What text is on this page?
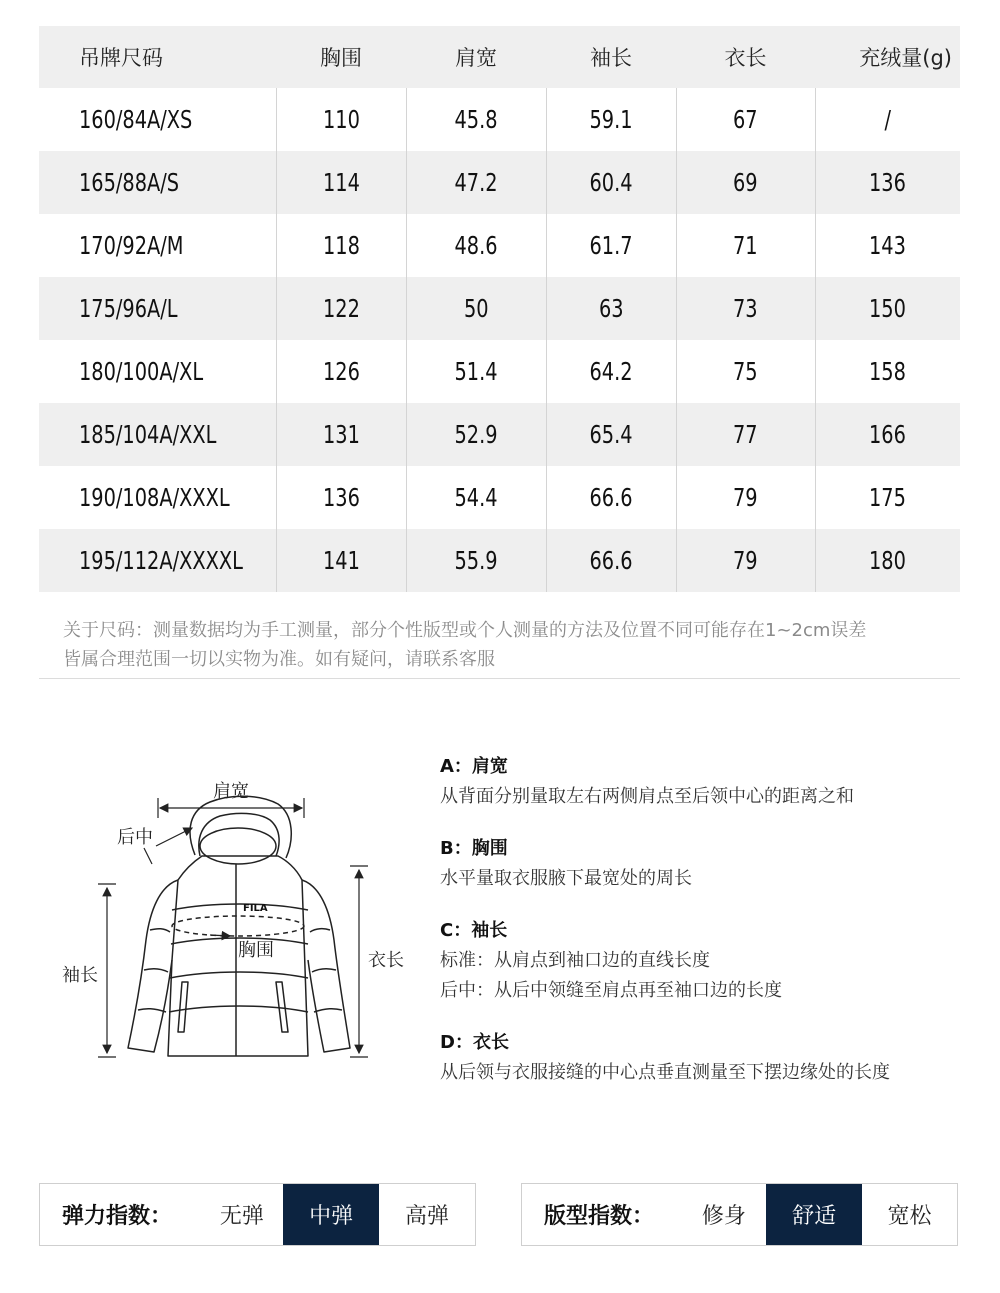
吊牌尺码	胸围	肩宽	袖长	衣长	充绒量(g)
160/84A/XS	110	45.8	59.1	67	/
165/88A/S	114	47.2	60.4	69	136
170/92A/M	118	48.6	61.7	71	143
175/96A/L	122	50	63	73	150
180/100A/XL	126	51.4	64.2	75	158
185/104A/XXL	131	52.9	65.4	77	166
190/108A/XXXL	136	54.4	66.6	79	175
195/112A/XXXXL	141	55.9	66.6	79	180

关于尺码：测量数据均为手工测量，部分个性版型或个人测量的方法及位置不同可能存在1~2cm误差

皆属合理范围一切以实物为准。如有疑问，请联系客服

FILA
肩宽
后中
袖长
胸围	衣长
A：肩宽
从背面分别量取左右两侧肩点至后领中心的距离之和
B：胸围
水平量取衣服腋下最宽处的周长
C：袖长
标准：从肩点到袖口边的直线长度
后中：从后中领缝至肩点再至袖口边的长度
D：衣长
从后领与衣服接缝的中心点垂直测量至下摆边缘处的长度
弹力指数：	无弹	中弹	高弹	版型指数：	修身	舒适	宽松
